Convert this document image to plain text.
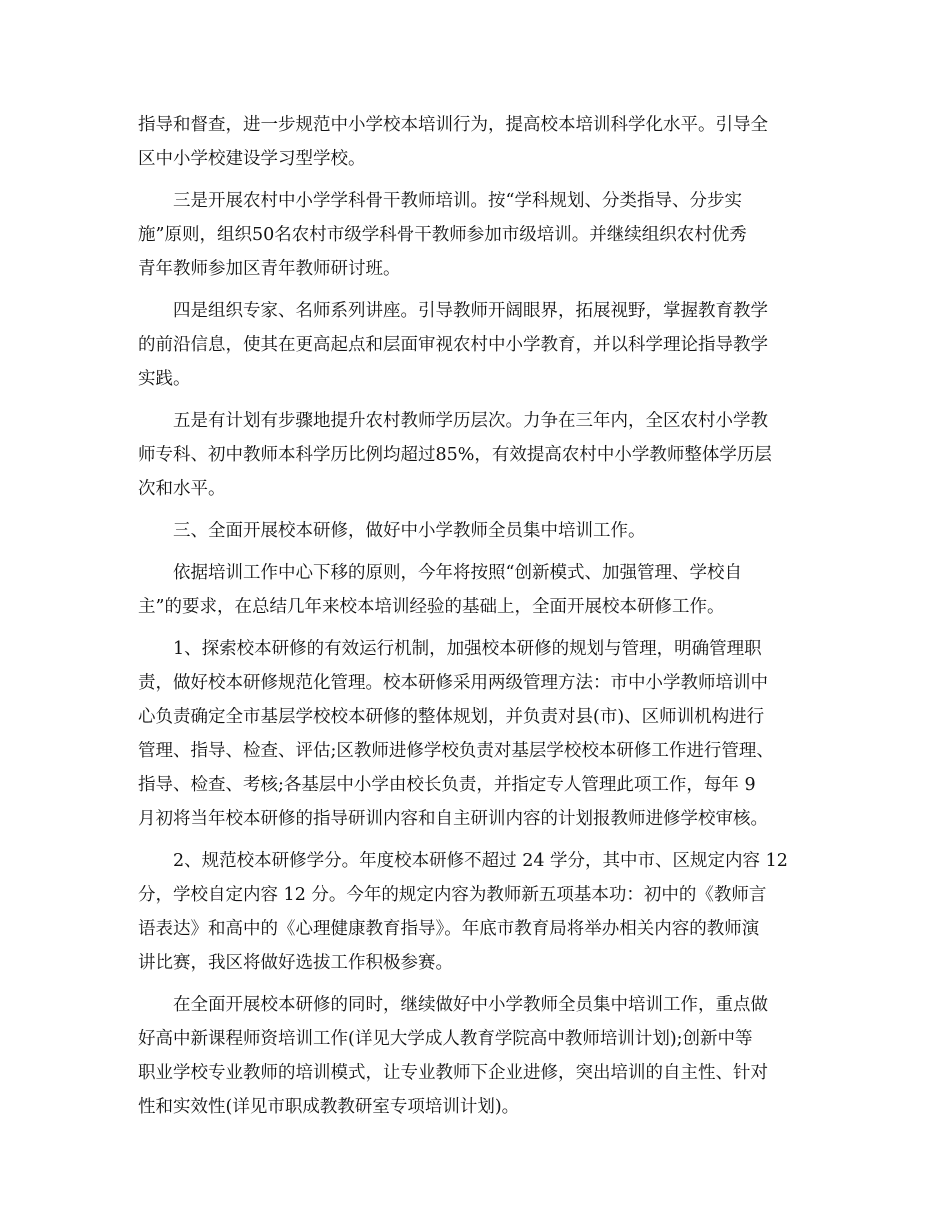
指导和督查，进一步规范中小学校本培训行为，提高校本培训科学化水平。引导全
区中小学校建设学习型学校。
三是开展农村中小学学科骨干教师培训。按“学科规划、分类指导、分步实
施”原则，组织50名农村市级学科骨干教师参加市级培训。并继续组织农村优秀
青年教师参加区青年教师研讨班。
四是组织专家、名师系列讲座。引导教师开阔眼界，拓展视野，掌握教育教学
的前沿信息，使其在更高起点和层面审视农村中小学教育，并以科学理论指导教学
实践。
五是有计划有步骤地提升农村教师学历层次。力争在三年内，全区农村小学教
师专科、初中教师本科学历比例均超过85%，有效提高农村中小学教师整体学历层
次和水平。
三、全面开展校本研修，做好中小学教师全员集中培训工作。
依据培训工作中心下移的原则，今年将按照“创新模式、加强管理、学校自
主”的要求，在总结几年来校本培训经验的基础上，全面开展校本研修工作。
1、探索校本研修的有效运行机制，加强校本研修的规划与管理，明确管理职
责，做好校本研修规范化管理。校本研修采用两级管理方法：市中小学教师培训中
心负责确定全市基层学校校本研修的整体规划，并负责对县(市)、区师训机构进行
管理、指导、检查、评估;区教师进修学校负责对基层学校校本研修工作进行管理、
指导、检查、考核;各基层中小学由校长负责，并指定专人管理此项工作，每年 9
月初将当年校本研修的指导研训内容和自主研训内容的计划报教师进修学校审核。
2、规范校本研修学分。年度校本研修不超过 24 学分，其中市、区规定内容 12
分，学校自定内容 12 分。今年的规定内容为教师新五项基本功：初中的《教师言
语表达》和高中的《心理健康教育指导》。年底市教育局将举办相关内容的教师演
讲比赛，我区将做好选拔工作积极参赛。
在全面开展校本研修的同时，继续做好中小学教师全员集中培训工作，重点做
好高中新课程师资培训工作(详见大学成人教育学院高中教师培训计划);创新中等
职业学校专业教师的培训模式，让专业教师下企业进修，突出培训的自主性、针对
性和实效性(详见市职成教教研室专项培训计划)。
